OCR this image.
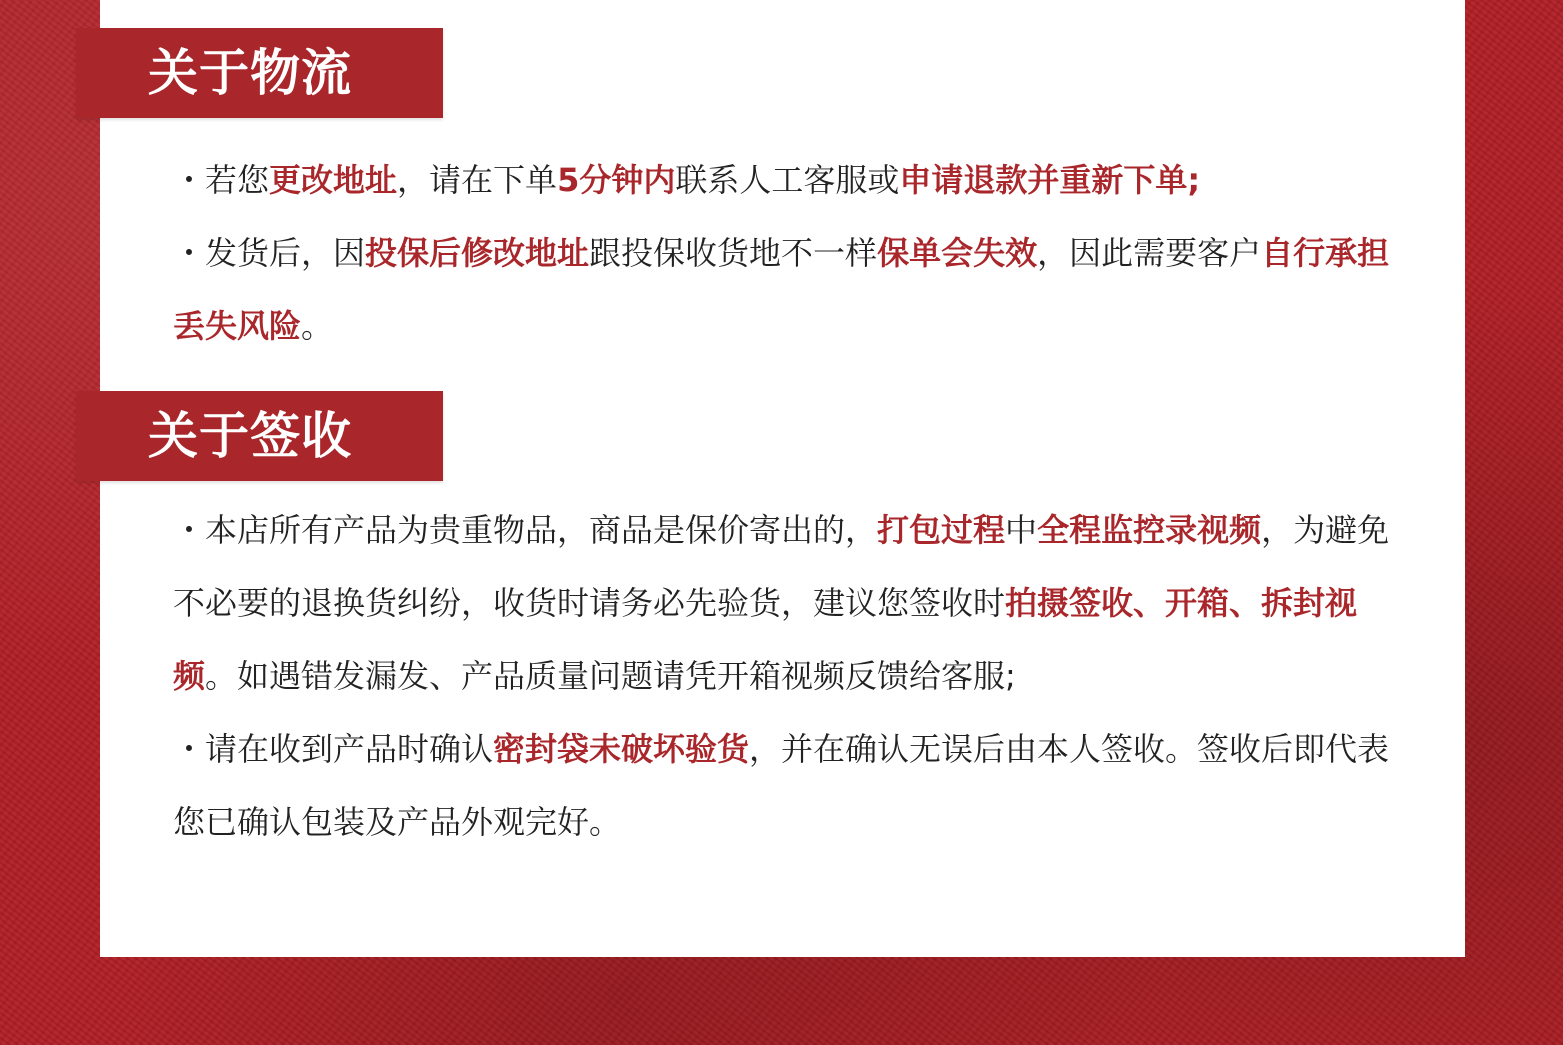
关于物流

・若您更改地址，请在下单5分钟内联系人工客服或申请退款并重新下单;

・发货后，因投保后修改地址跟投保收货地不一样保单会失效，因此需要客户自行承担丢失风险。

关于签收

・本店所有产品为贵重物品，商品是保价寄出的，打包过程中全程监控录视频，为避免不必要的退换货纠纷，收货时请务必先验货，建议您签收时拍摄签收、开箱、拆封视频。如遇错发漏发、产品质量问题请凭开箱视频反馈给客服;

・请在收到产品时确认密封袋未破坏验货，并在确认无误后由本人签收。签收后即代表您已确认包装及产品外观完好。
